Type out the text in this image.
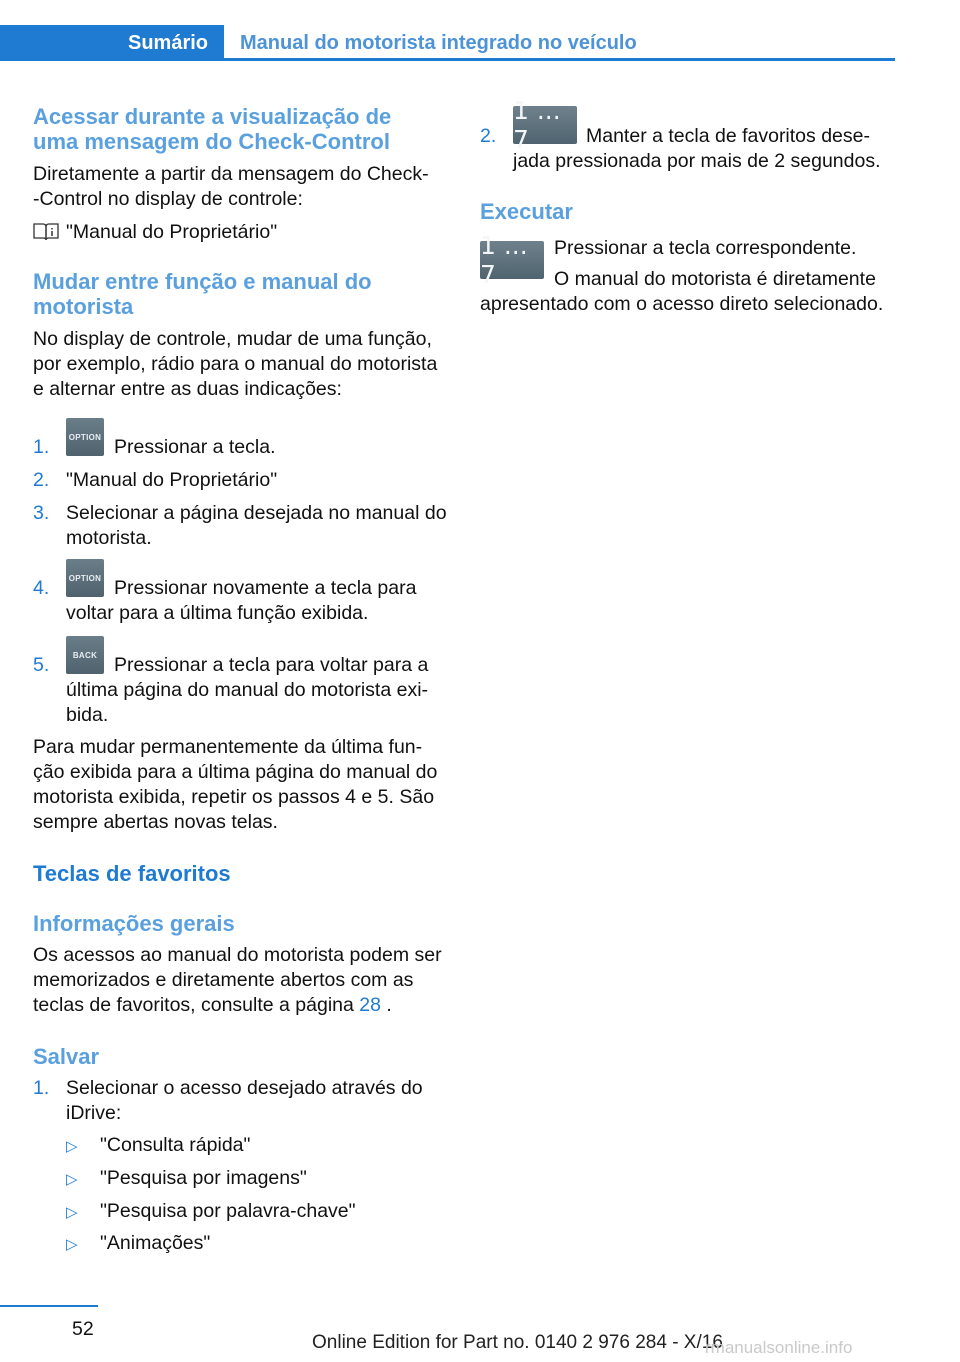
Sumário	Manual do motorista integrado no veículo
Acessar durante a visualização de
uma mensagem do Check-Control
Diretamente a partir da mensagem do Check-
-Control no display de controle:
"Manual do Proprietário"
Mudar entre função e manual do
motorista
No display de controle, mudar de uma função,
por exemplo, rádio para o manual do motorista
e alternar entre as duas indicações:
1.	OPTION Pressionar a tecla.
2. "Manual do Proprietário"
3. Selecionar a página desejada no manual do
motorista.
4.	OPTION Pressionar novamente a tecla para
voltar para a última função exibida.
5.	BACK Pressionar a tecla para voltar para a
última página do manual do motorista exi‐
bida.
Para mudar permanentemente da última fun‐
ção exibida para a última página do manual do
motorista exibida, repetir os passos 4 e 5. São
sempre abertas novas telas.
Teclas de favoritos
Informações gerais
Os acessos ao manual do motorista podem ser
memorizados e diretamente abertos com as
teclas de favoritos, consulte a página 28 .
Salvar
1. Selecionar o acesso desejado através do
iDrive:
▷ "Consulta rápida"
▷ "Pesquisa por imagens"
▷ "Pesquisa por palavra-chave"
▷ "Animações"
2.
1 ... 7	Manter a tecla de favoritos dese‐
jada pressionada por mais de 2 segundos.
Executar
1 ... 7
Pressionar a tecla correspondente.
O manual do motorista é diretamente
apresentado com o acesso direto selecionado.
52
Online Edition for Part no. 0140 2 976 284 - X/16
rmanualsonline.info
